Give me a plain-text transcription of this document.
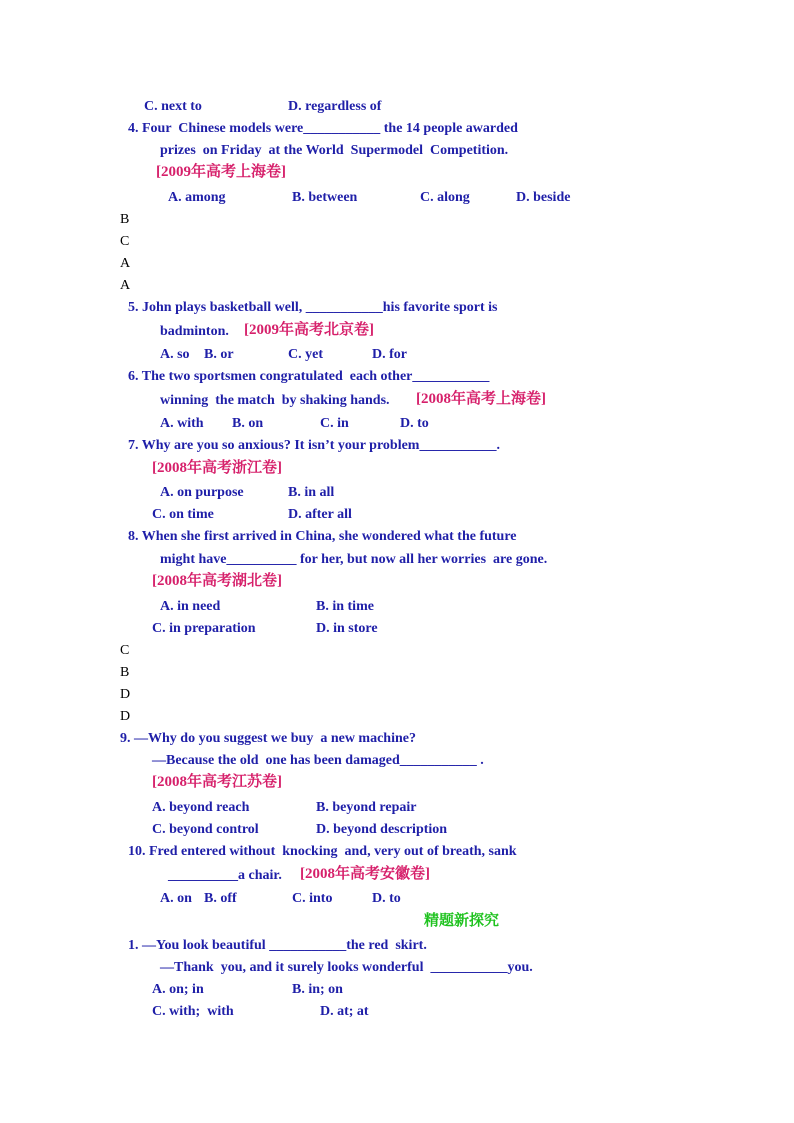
C. next to	D. regardless of
4. Four  Chinese models were___________ the 14 people awarded
prizes  on Friday  at the World  Supermodel  Competition.
[2009年高考上海卷]
A. among	B. between	C. along	D. beside
B
C
A
A
5. John plays basketball well, ___________his favorite sport is
badminton. [2009年高考北京卷]
A. so B. or	C. yet	D. for
6. The two sportsmen congratulated  each other___________
winning  the match  by shaking hands. [2008年高考上海卷]
A. with B. on	C. in	D. to
7. Why are you so anxious? It isn’t your problem___________.
[2008年高考浙江卷]
A. on purpose	B. in all
C. on time	D. after all
8. When she first arrived in China, she wondered what the future
might have__________ for her, but now all her worries  are gone.
[2008年高考湖北卷]
A. in need	B. in time
C. in preparation	D. in store
C
B
D
D
9. —Why do you suggest we buy  a new machine?
—Because the old  one has been damaged___________ .
[2008年高考江苏卷]
A. beyond reach	B. beyond repair
C. beyond control	D. beyond description
10. Fred entered without  knocking  and, very out of breath, sank
__________a chair. [2008年高考安徽卷]
A. on B. off	C. into	D. to
精题新探究
1. —You look beautiful ___________the red  skirt.
—Thank  you, and it surely looks wonderful  ___________you.
A. on; in	B. in; on
C. with;  with	D. at; at
